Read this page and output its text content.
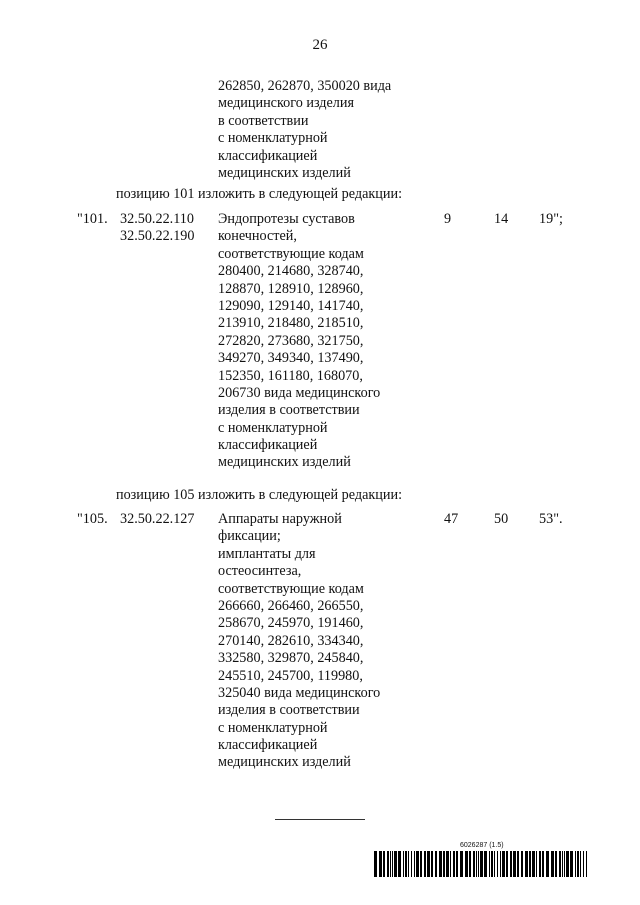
26
262850, 262870, 350020 вида
медицинского изделия
в соответствии
с номенклатурной
классификацией
медицинских изделий
позицию 101 изложить в следующей редакции:
"101. 32.50.22.110
32.50.22.190
Эндопротезы суставов
конечностей,
соответствующие кодам
280400, 214680, 328740,
128870, 128910, 128960,
129090, 129140, 141740,
213910, 218480, 218510,
272820, 273680, 321750,
349270, 349340, 137490,
152350, 161180, 168070,
206730 вида медицинского
изделия в соответствии
с номенклатурной
классификацией
медицинских изделий
9	14 19";
позицию 105 изложить в следующей редакции:
"105. 32.50.22.127 Аппараты наружной
фиксации;
имплантаты для
остеосинтеза,
соответствующие кодам
266660, 266460, 266550,
258670, 245970, 191460,
270140, 282610, 334340,
332580, 329870, 245840,
245510, 245700, 119980,
325040 вида медицинского
изделия в соответствии
с номенклатурной
классификацией
медицинских изделий
47	50 53".
6026287 (1.5)
